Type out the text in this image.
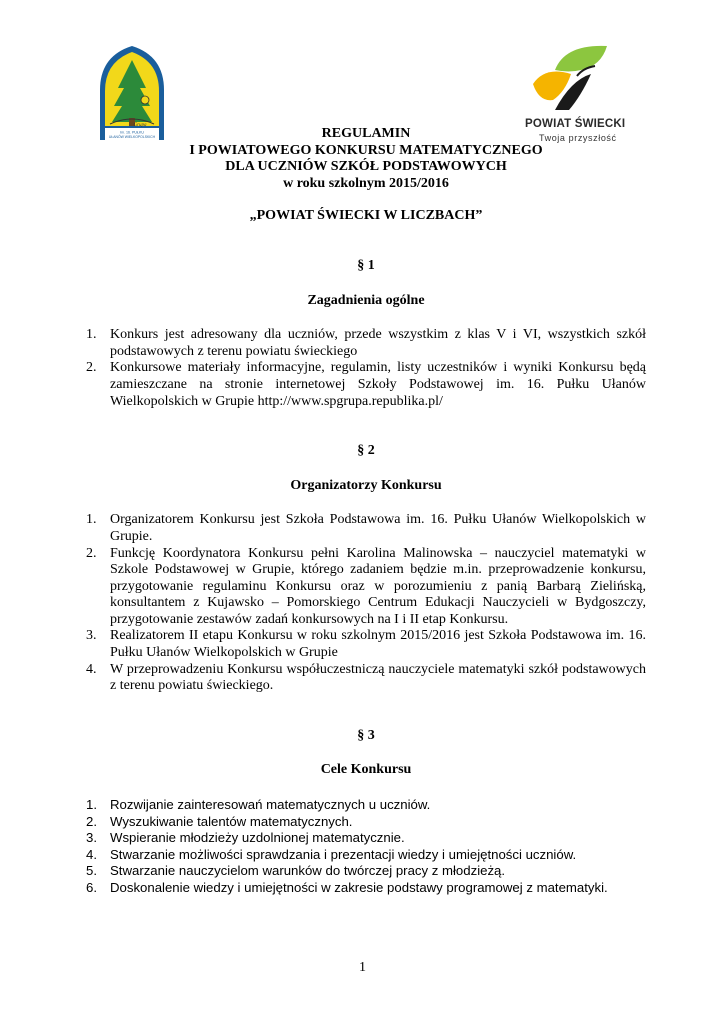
Im. 16. PUŁKU
UŁANÓW WIELKOPOLSKICH
Grupa	POWIAT ŚWIECKI
Twoja przyszłość
REGULAMIN
I POWIATOWEGO KONKURSU MATEMATYCZNEGO
DLA UCZNIÓW SZKÓŁ PODSTAWOWYCH
w roku szkolnym 2015/2016
„POWIAT ŚWIECKI W LICZBACH”
§ 1
Zagadnienia ogólne
1. Konkurs jest adresowany dla uczniów, przede wszystkim z klas V i VI, wszystkich szkół podstawowych z terenu powiatu świeckiego
2. Konkursowe materiały informacyjne, regulamin, listy uczestników i wyniki Konkursu będą zamieszczane na stronie internetowej Szkoły Podstawowej im. 16. Pułku Ułanów Wielkopolskich w Grupie http://www.spgrupa.republika.pl/
§ 2
Organizatorzy Konkursu
1. Organizatorem Konkursu jest Szkoła Podstawowa im. 16. Pułku Ułanów Wielkopolskich w Grupie.
2. Funkcję Koordynatora Konkursu pełni Karolina Malinowska – nauczyciel matematyki w Szkole Podstawowej w Grupie, którego zadaniem będzie m.in. przeprowadzenie konkursu, przygotowanie regulaminu Konkursu oraz w porozumieniu z panią Barbarą Zielińską, konsultantem z Kujawsko – Pomorskiego Centrum Edukacji Nauczycieli w Bydgoszczy, przygotowanie zestawów zadań konkursowych na I i II etap Konkursu.
3. Realizatorem II etapu Konkursu w roku szkolnym 2015/2016 jest Szkoła Podstawowa im. 16. Pułku Ułanów Wielkopolskich w Grupie
4. W przeprowadzeniu Konkursu współuczestniczą nauczyciele matematyki szkół podstawowych z terenu powiatu świeckiego.
§ 3
Cele Konkursu
1. Rozwijanie zainteresowań matematycznych u uczniów.
2. Wyszukiwanie talentów matematycznych.
3. Wspieranie młodzieży uzdolnionej matematycznie.
4. Stwarzanie możliwości sprawdzania i prezentacji wiedzy i umiejętności uczniów.
5. Stwarzanie nauczycielom warunków do twórczej pracy z młodzieżą.
6. Doskonalenie wiedzy i umiejętności w zakresie podstawy programowej z matematyki.
1
